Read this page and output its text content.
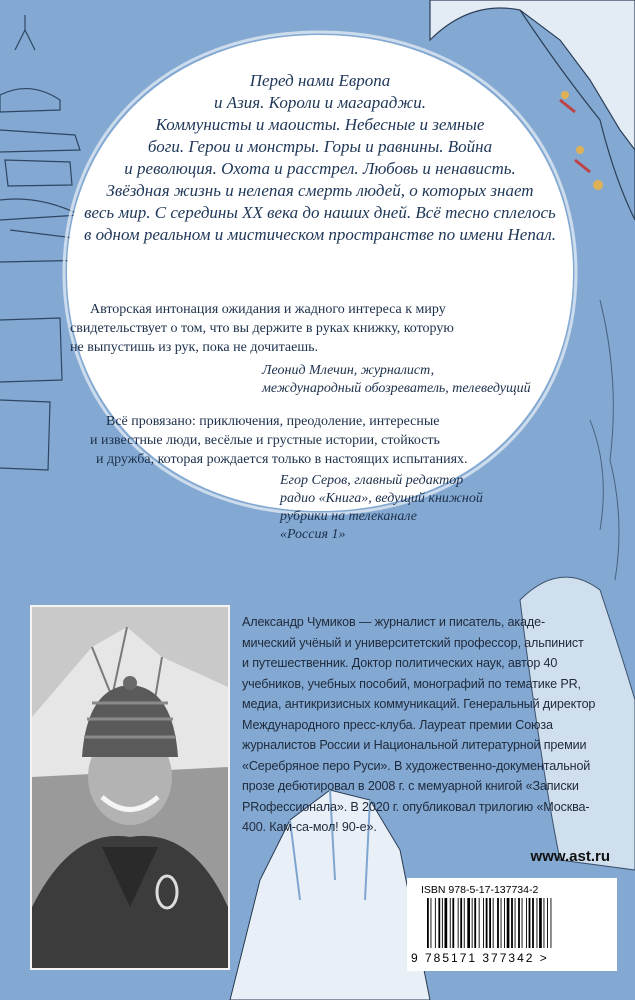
Перед нами Европа
и Азия. Короли и магараджи.
Коммунисты и маоисты. Небесные и земные
боги. Герои и монстры. Горы и равнины. Война
и революция. Охота и расстрел. Любовь и ненависть.
Звёздная жизнь и нелепая смерть людей, о которых знает
весь мир. С середины XX века до наших дней. Всё тесно сплелось
в одном реальном и мистическом пространстве по имени Непал.
Авторская интонация ожидания и жадного интереса к миру
свидетельствует о том, что вы держите в руках книжку, которую
не выпустишь из рук, пока не дочитаешь.
Леонид Млечин, журналист,
международный обозреватель, телеведущий
Всё провязано: приключения, преодоление, интересные
и известные люди, весёлые и грустные истории, стойкость
и дружба, которая рождается только в настоящих испытаниях.
Егор Серов, главный редактор
радио «Книга», ведущий книжной
рубрики на телеканале
«Россия 1»
Александр Чумиков — журналист и писатель, акаде-
мический учёный и университетский профессор, альпинист
и путешественник. Доктор политических наук, автор 40
учебников, учебных пособий, монографий по тематике PR,
медиа, антикризисных коммуникаций. Генеральный директор
Международного пресс-клуба. Лауреат премии Союза
журналистов России и Национальной литературной премии
«Серебряное перо Руси». В художественно-документальной
прозе дебютировал в 2008 г. с мемуарной книгой «Записки
PRофессионала». В 2020 г. опубликовал трилогию «Москва-
400. Кам-са-мол! 90-е».
www.ast.ru
ISBN 978-5-17-137734-2
9 785171 377342 >
